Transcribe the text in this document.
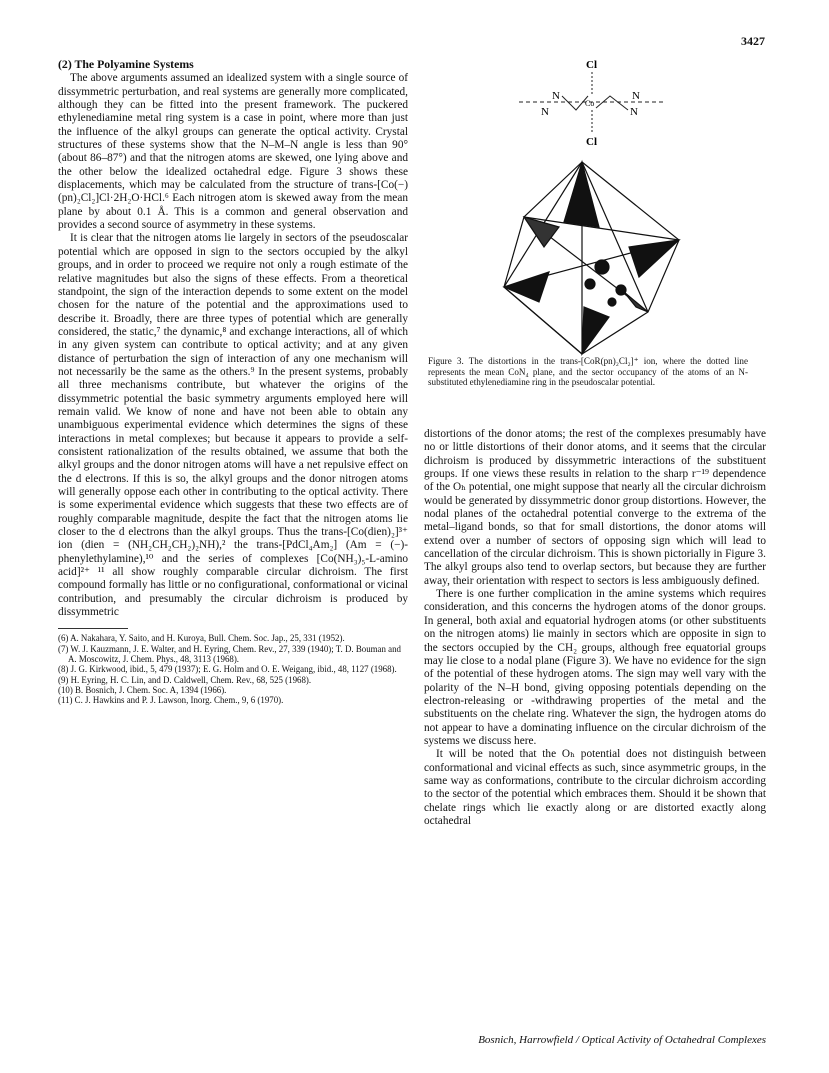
3427
(2) The Polyamine Systems

The above arguments assumed an idealized system with a single source of dissymmetric perturbation, and real systems are generally more complicated, although they can be fitted into the present framework. The puckered ethylenediamine metal ring system is a case in point, where more than just the influence of the alkyl groups can generate the optical activity. Crystal structures of these systems show that the N–M–N angle is less than 90° (about 86–87°) and that the nitrogen atoms are skewed, one lying above and the other below the idealized octahedral edge. Figure 3 shows these displacements, which may be calculated from the structure of trans-[Co(−)(pn)₂Cl₂]Cl·2H₂O·HCl.⁶ Each nitrogen atom is skewed away from the mean plane by about 0.1 Å. This is a common and general observation and provides a second source of asymmetry in these systems.

It is clear that the nitrogen atoms lie largely in sectors of the pseudoscalar potential which are opposed in sign to the sectors occupied by the alkyl groups, and in order to proceed we require not only a rough estimate of the relative magnitudes but also the signs of these effects. From a theoretical standpoint, the sign of the interaction depends to some extent on the model chosen for the nature of the potential and the approximations used to describe it. Broadly, there are three types of potential which are generally considered, the static,⁷ the dynamic,⁸ and exchange interactions, all of which in any given system can contribute to optical activity; and at any given distance of perturbation the sign of interaction of any one mechanism will not necessarily be the same as the others.⁹ In the present systems, probably all three mechanisms contribute, but whatever the origins of the dissymmetric potential the basic symmetry arguments employed here will remain valid. We know of none and have not been able to obtain any unambiguous experimental evidence which determines the signs of these interactions in metal complexes; but because it appears to provide a self-consistent rationalization of the results obtained, we assume that both the alkyl groups and the donor nitrogen atoms will have a net repulsive effect on the d electrons. If this is so, the alkyl groups and the donor nitrogen atoms will generally oppose each other in contributing to the optical activity. There is some experimental evidence which suggests that these two effects are of roughly comparable magnitude, despite the fact that the nitrogen atoms lie closer to the d electrons than the alkyl groups. Thus the trans-[Co(dien)₂]³⁺ ion (dien = (NH₂CH₂CH₂)₂NH),² the trans-[PdCl₄Am₂] (Am = (−)-phenylethylamine),¹⁰ and the series of complexes [Co(NH₃)₅-L-amino acid]²⁺ ¹¹ all show roughly comparable circular dichroism. The first compound formally has little or no configurational, conformational or vicinal contribution, and presumably the circular dichroism is produced by dissymmetric

(6) A. Nakahara, Y. Saito, and H. Kuroya, Bull. Chem. Soc. Jap., 25, 331 (1952).
(7) W. J. Kauzmann, J. E. Walter, and H. Eyring, Chem. Rev., 27, 339 (1940); T. D. Bouman and A. Moscowitz, J. Chem. Phys., 48, 3113 (1968).
(8) J. G. Kirkwood, ibid., 5, 479 (1937); E. G. Holm and O. E. Weigang, ibid., 48, 1127 (1968).
(9) H. Eyring, H. C. Lin, and D. Caldwell, Chem. Rev., 68, 525 (1968).
(10) B. Bosnich, J. Chem. Soc. A, 1394 (1966).
(11) C. J. Hawkins and P. J. Lawson, Inorg. Chem., 9, 6 (1970).
Cl
N
N
N
N
Co
Cl
Figure 3. The distortions in the trans-[CoR(pn)₂Cl₂]⁺ ion, where the dotted line represents the mean CoN₄ plane, and the sector occupancy of the atoms of an N-substituted ethylenediamine ring in the pseudoscalar potential.

distortions of the donor atoms; the rest of the complexes presumably have no or little distortions of their donor atoms, and it seems that the circular dichroism is produced by dissymmetric interactions of the substituent groups. If one views these results in relation to the sharp r⁻¹⁹ dependence of the Oₕ potential, one might suppose that nearly all the circular dichroism would be generated by dissymmetric donor group distortions. However, the nodal planes of the octahedral potential converge to the extrema of the metal–ligand bonds, so that for small distortions, the donor atoms will extend over a number of sectors of opposing sign which will lead to cancellation of the circular dichroism. This is shown pictorially in Figure 3. The alkyl groups also tend to overlap sectors, but because they are further away, their orientation with respect to sectors is less ambiguously defined.

There is one further complication in the amine systems which requires consideration, and this concerns the hydrogen atoms of the donor groups. In general, both axial and equatorial hydrogen atoms (or other substituents on the nitrogen atoms) lie mainly in sectors which are opposite in sign to the sectors occupied by the CH₂ groups, although free equatorial groups may lie close to a nodal plane (Figure 3). We have no evidence for the sign of the potential of these hydrogen atoms. The sign may well vary with the polarity of the N–H bond, giving opposing potentials depending on the electron-releasing or -withdrawing properties of the metal and the substituents on the chelate ring. Whatever the sign, the hydrogen atoms do not appear to have a dominating influence on the circular dichroism of the systems we discuss here.

It will be noted that the Oₕ potential does not distinguish between conformational and vicinal effects as such, since asymmetric groups, in the same way as conformations, contribute to the circular dichroism according to the sector of the potential which embraces them. Should it be shown that chelate rings which lie exactly along or are distorted exactly along octahedral

Bosnich, Harrowfield / Optical Activity of Octahedral Complexes
